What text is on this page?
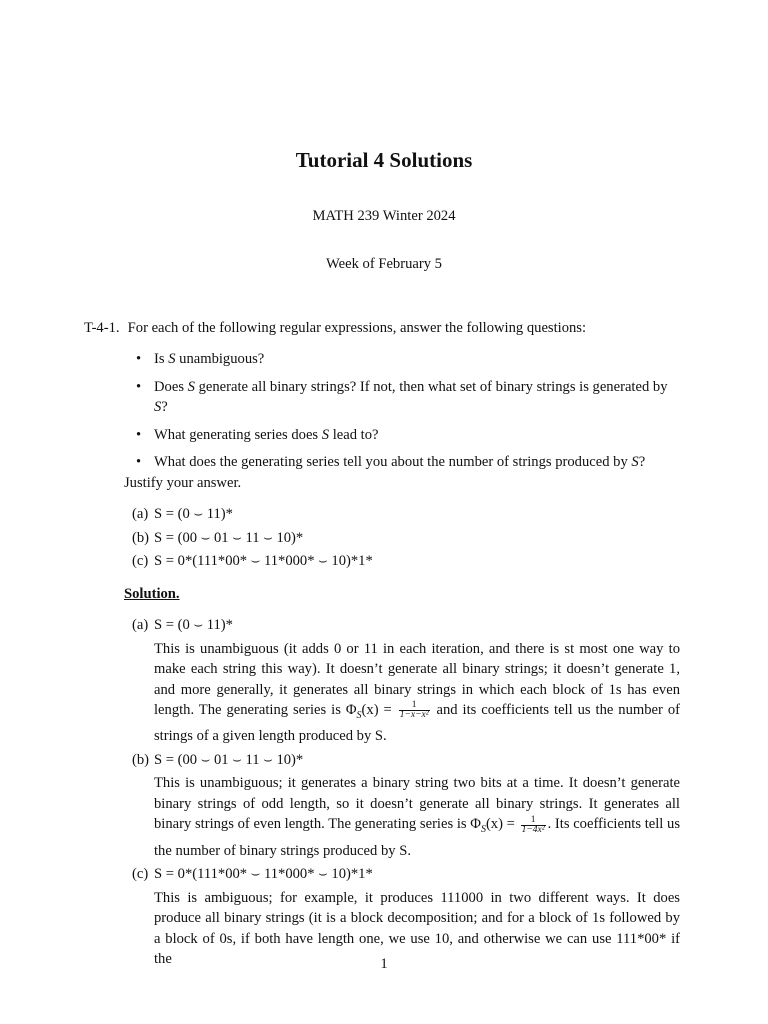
Tutorial 4 Solutions
MATH 239 Winter 2024
Week of February 5
T-4-1. For each of the following regular expressions, answer the following questions:
• Is S unambiguous?
• Does S generate all binary strings? If not, then what set of binary strings is generated by S?
• What generating series does S lead to?
• What does the generating series tell you about the number of strings produced by S?
Justify your answer.
(a) S = (0 ⌣ 11)*
(b) S = (00 ⌣ 01 ⌣ 11 ⌣ 10)*
(c) S = 0*(111*00* ⌣ 11*000* ⌣ 10)*1*
Solution.
(a) S = (0 ⌣ 11)*
This is unambiguous (it adds 0 or 11 in each iteration, and there is st most one way to make each string this way). It doesn’t generate all binary strings; it doesn’t generate 1, and more generally, it generates all binary strings in which each block of 1s has even length. The generating series is $\Phi_S(x) = \frac{1}{\text{1−x−x²}}$ and its coefficients tell us the number of strings of a given length produced by S.
(b) S = (00 ⌣ 01 ⌣ 11 ⌣ 10)*
This is unambiguous; it generates a binary string two bits at a time. It doesn’t generate binary strings of odd length, so it doesn’t generate all binary strings. It generates all binary strings of even length. The generating series is $\Phi_S(x) = \frac{1}{\text{1−4x²}}$ . Its coefficients tell us the number of binary strings produced by S.
(c) S = 0*(111*00* ⌣ 11*000* ⌣ 10)*1*
This is ambiguous; for example, it produces 111000 in two different ways. It does produce all binary strings (it is a block decomposition; and for a block of 1s followed by a block of 0s, if both have length one, we use 10, and otherwise we can use 111*00* if the	1
